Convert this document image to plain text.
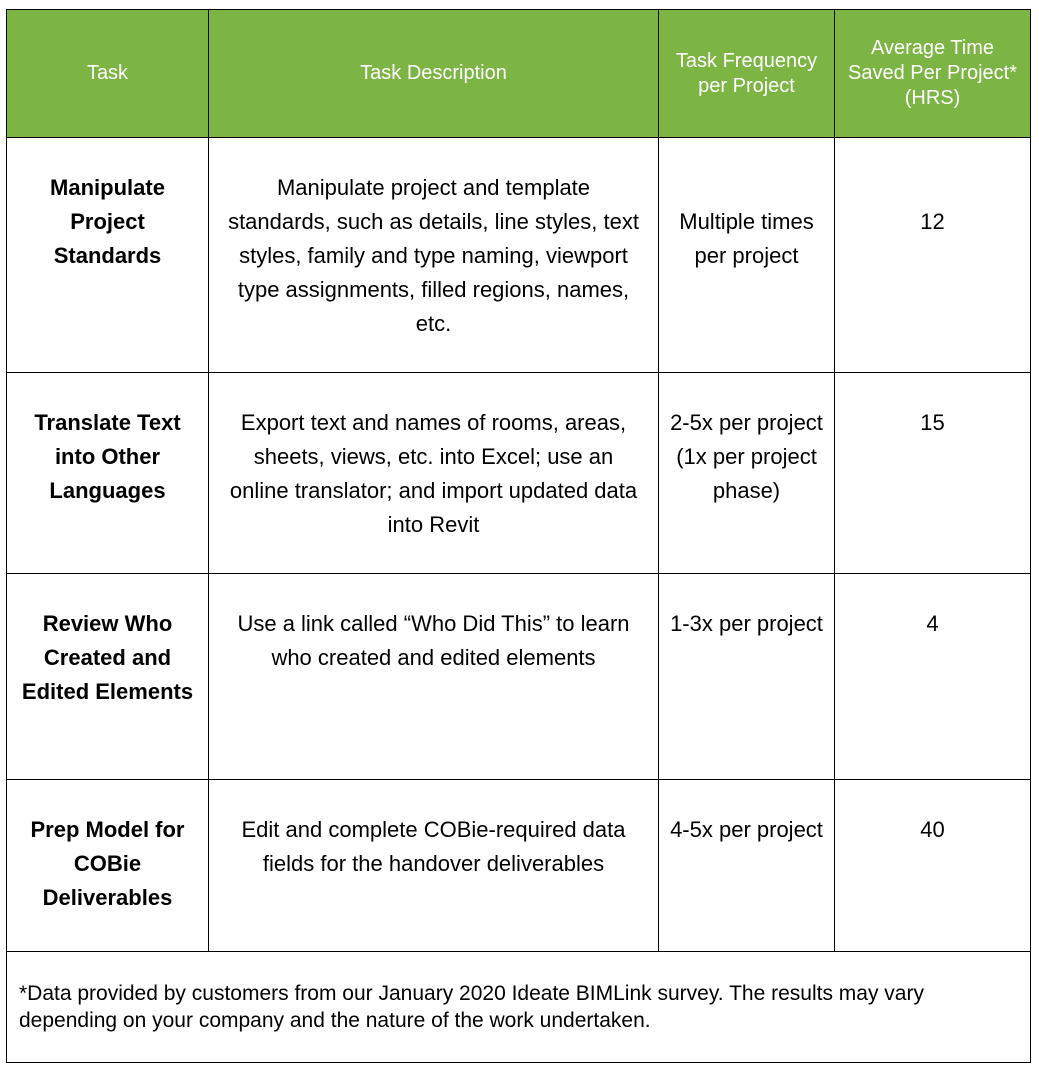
Task	Task Description	Task Frequency per Project	Average Time Saved Per Project* (HRS)
Manipulate Project Standards	Manipulate project and template standards, such as details, line styles, text styles, family and type naming, viewport type assignments, filled regions, names, etc.	Multiple times per project	12
Translate Text into Other Languages	Export text and names of rooms, areas, sheets, views, etc. into Excel; use an online translator; and import updated data into Revit	2-5x per project (1x per project phase)	15
Review Who Created and Edited Elements	Use a link called “Who Did This” to learn who created and edited elements	1-3x per project	4
Prep Model for COBie Deliverables	Edit and complete COBie-required data fields for the handover deliverables	4-5x per project	40
*Data provided by customers from our January 2020 Ideate BIMLink survey. The results may vary depending on your company and the nature of the work undertaken.			
